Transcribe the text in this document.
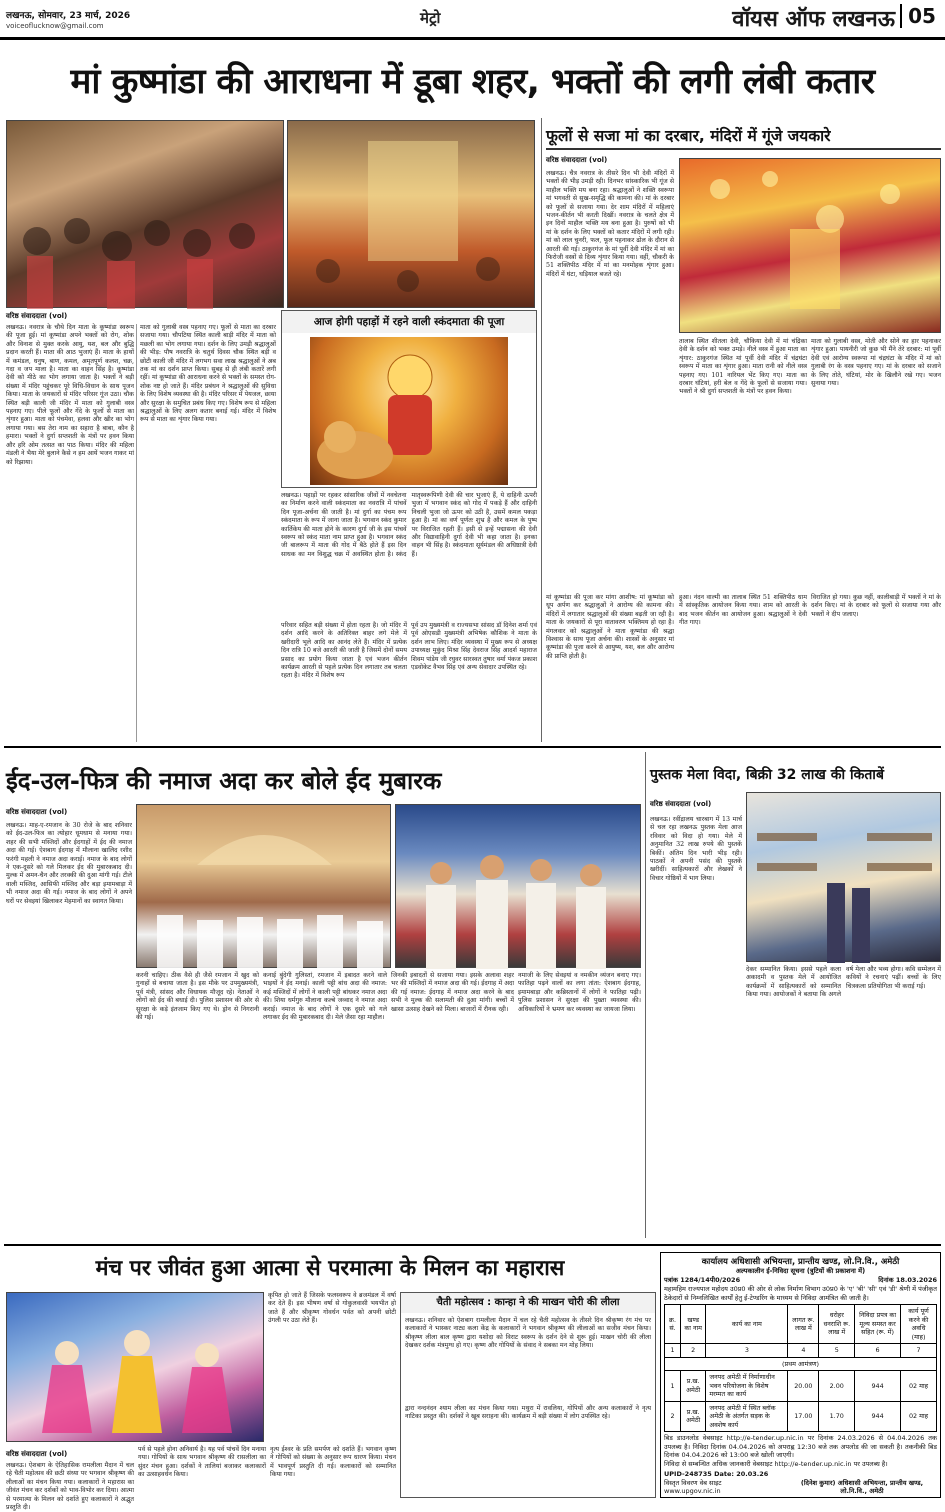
लखनऊ, सोमवार, 23 मार्च, 2026
voiceoflucknow@gmail.com	मेट्रो	वॉयस ऑफ लखनऊ 05
मां कुष्मांडा की आराधना में डूबा शहर, भक्तों की लगी लंबी कतार
वरिष्ठ संवाददाता (vol)
लखनऊ। नवरात्र के चौथे दिन माता के कूष्मांडा स्वरूप की पूजा हुई। मां कूष्मांडा अपने भक्तों को रोग, शोक और विनाश से मुक्त करके आयु, यश, बल और बुद्धि प्रदान करती हैं। माता की आठ भुजाएं हैं। माता के हाथों में कमंडल, धनुष, बाण, कमल, अमृतपूर्ण कलश, चक्र, गदा व जप माला है। माता का वाहन सिंह है। कूष्मांडा देवी को मीठे का भोग लगाया जाता है। भक्तों ने बड़ी संख्या में मंदिर पहुंचकर पूरे विधि-विधान के साथ पूजन किया। माता के जयकारों से मंदिर परिसर गूंज उठा। चौक स्थित बड़ी काली जी मंदिर में माता को गुलाबी वस्त्र पहनाए गए। पीले फूलों और गेंदे के फूलों से माता का शृंगार हुआ। माता को पंचमेवा, हलवा और खीर का भोग लगाया गया। बस तेरा नाम का सहारा है बाबा, कौन है हमारा। भक्तों ने दुर्गा सप्तशती के मंत्रों पर हवन किया और हरि ओम तत्सत का पाठ किया। मंदिर की महिला मंडली ने भैया मेरे बुलाने कैसे न हम आयें भजन गाकर मां को रिझाया।
माता को गुलाबी वस्त्र पहनाए गए। फूलों से माता का दरबार सजाया गया। चौपटिया स्थित काली बाड़ी मंदिर में माता को मछली का भोग लगाया गया। दर्शन के लिए उमड़ी श्रद्धालुओं की भीड़: पौष नवरात्रि के चतुर्थ दिवस चौक स्थित बड़ी व छोटी काली जी मंदिर में लगभग सवा लाख श्रद्धालुओं ने अब तक मां का दर्शन प्राप्त किया। सुबह से ही लंबी कतारें लगी रहीं। मां कूष्मांडा की आराधना करने से भक्तों के समस्त रोग-शोक नष्ट हो जाते हैं। मंदिर प्रबंधन ने श्रद्धालुओं की सुविधा के लिए विशेष व्यवस्था की है। मंदिर परिसर में पेयजल, छाया और सुरक्षा के समुचित प्रबंध किए गए। विशेष रूप से महिला श्रद्धालुओं के लिए अलग कतार बनाई गई। मंदिर में विशेष रूप से माता का शृंगार किया गया।
आज होगी पहाड़ों में रहने वाली स्कंदमाता की पूजा
लखनऊ। पहाड़ों पर रहकर सांसारिक जीवों में नवचेतना का निर्माण करने वाली स्कंदमाता का नवरात्रि में पांचवें दिन पूजा-अर्चना की जाती है। मां दुर्गा का पंचम रूप स्कंदमाता के रूप में जाना जाता है। भगवान स्कंद कुमार कार्तिकेय की माता होने के कारण दुर्गा जी के इस पांचवें स्वरूप को स्कंद माता नाम प्राप्त हुआ है। भगवान स्कंद जी बालरूप में माता की गोद में बैठे होते हैं इस दिन साधक का मन विशुद्ध चक्र में अवस्थित होता है। स्कंद मातृस्वरूपिणी देवी की चार भुजाएं हैं, ये दाहिनी ऊपरी भुजा में भगवान स्कंद को गोद में पकड़े हैं और दाहिनी निचली भुजा जो ऊपर को उठी है, उसमें कमल पकड़ा हुआ है। मां का वर्ण पूर्णतः शुभ्र है और कमल के पुष्प पर विराजित रहती हैं। इसी से इन्हें पद्मासना की देवी और विद्यावाहिनी दुर्गा देवी भी कहा जाता है। इनका वाहन भी सिंह है। स्कंदमाता सूर्यमंडल की अधिष्ठात्री देवी हैं।
परिवार सहित बड़ी संख्या में होता रहता है। जो मंदिर में दर्शन आदि करने के अतिरिक्त बाहर लगे मेले में खरीदारी भूले आदि का आनंद लेते हैं। मंदिर में प्रत्येक दिन रात्रि 10 बजे आरती की जाती है जिसमें दोनों समय प्रसाद का प्रयोग किया जाता है एवं भजन कीर्तन कार्यक्रम आरती से पहले प्रत्येक दिन लगातार तब चलता रहता है। मंदिर में विशेष रूप
पूर्व उप मुख्यमंत्री व राज्यसभा सांसद डॉ दिनेश शर्मा एवं पूर्व ओएसडी मुख्यमंत्री अभिषेक कौशिक ने माता के दर्शन लाभ लिए। मंदिर व्यवस्था में मुख्य रूप से अध्यक्ष उपाध्यक्ष मुकुंद मिश्रा सिंह देवराज सिंह आदर्श महाराज शिवम पांडेय जी रघुवर सारस्वत तुषार वर्मा पंकज प्रकाश एडवोकेट वैभव सिंह एवं अन्य सेवादार उपस्थित रहे।
फूलों से सजा मां का दरबार, मंदिरों में गूंजे जयकारे
वरिष्ठ संवाददाता (vol)
लखनऊ। चैत्र नवरात्र के तीसरे दिन भी देवी मंदिरों में भक्तों की भीड़ उमड़ी रही। दिनभर सांस्कारिक भी गूंज से माहौल भक्ति मय बना रहा। श्रद्धालुओं ने शक्ति स्वरूपा मां भगवती से सुख-समृद्धि की कामना की। मां के दरबार को फूलों से सजाया गया। देर शाम मंदिरों में महिलाएं भजन-कीर्तन भी करती दिखीं। नवरात्र के चलते क्षेत्र में इन दिनों माहौल भक्ति मय बना हुआ है। पुरुषों को भी मां के दर्शन के लिए भक्तों को कतार मंदिरों में लगी रही। मां को लाल चुनरी, फल, फूल पहनाकर ढोल के दौरान से आरती की गई। ठाकुरगंज के मां पूर्वी देवी मंदिर में मां का फिरोजी वस्त्रों से दिव्य शृंगार किया गया। वहीं, चौकरी के 51 शक्तिपीठ मंदिर में मां का मनमोहक शृंगार हुआ। मंदिरों में घंटा, घड़ियाल बजते रहे।
तालाब स्थित शीतला देवी, चौकिया देवी में मां चंद्रिका देवी के दर्शन को भक्त उमड़े। नीले वस्त्र में हुआ माता का शृंगार: ठाकुरगंज स्थित मां पूर्वी देवी मंदिर में चंद्रघंटा स्वरूप में माता का शृंगार हुआ। माता रानी को नीले वस्त्र पहनाए गए। 101 नारियल भेंट किए गए। माता का दरबार घंटियां, हरी बेल व गेंदे के फूलों से सजाया गया। भक्तों ने श्री दुर्गा सप्तशती के मंत्रों पर हवन किया।
माता को गुलाबी वस्त्र, मोती और सोने का हार पहनाकर शृंगार हुआ। पायनीरी जो कुछ भी मैंने तेरे दरबार: मां पूर्वी देवी एवं आरोग्य स्वरूपा मां चंद्रघंटा के मंदिर में मां को गुलाबी रंग के वस्त्र पहनाए गए। मां के दरबार को सजाने के लिए तोते, घंटियां, मोर के खिलौने रखे गए। भजन सुनाया गया।
मां कूष्मांडा की पूजा कर मांगा आशीष: मां कूष्मांडा को धूप अर्पण कर श्रद्धालुओं ने आरोग्य की कामना की। मंदिरों में लगातार श्रद्धालुओं की संख्या बढ़ती जा रही है। माता के जयकारों से पूरा वातावरण भक्तिमय हो रहा है। मंगलवार को श्रद्धालुओं ने माता कूष्मांडा की श्रद्धा विश्वास के साथ पूजा अर्चना की। शास्त्रों के अनुसार मां कूष्मांडा की पूजा करने से आयुष्य, यश, बल और आरोग्य की प्राप्ति होती है।
हुआ। नंदन वाल्मी का तालाब स्थित 51 शक्तिपीठ धाम में सांस्कृतिक आयोजन किया गया। शाम को आरती के बाद भजन कीर्तन का आयोजन हुआ। श्रद्धालुओं ने देवी गीत गाए।
विराजित हो गया। कुछ नहीं, कालीबाड़ी में भक्तों ने मां के दर्शन किए। मां के दरबार को फूलों से सजाया गया और भक्तों ने दीप जलाए।
ईद-उल-फित्र की नमाज अदा कर बोले ईद मुबारक
वरिष्ठ संवाददाता (vol)
लखनऊ। माह-ए-रमजान के 30 रोजे के बाद शनिवार को ईद-उल-फित्र का त्योहार धूमधाम से मनाया गया। शहर की सभी मस्जिदों और ईदगाहों में ईद की नमाज अदा की गई। ऐशबाग ईदगाह में मौलाना खालिद रशीद फरंगी महली ने नमाज अदा कराई। नमाज के बाद लोगों ने एक-दूसरे को गले मिलकर ईद की मुबारकबाद दी। मुल्क में अमन-चैन और तरक्की की दुआ मांगी गई। टीले वाली मस्जिद, आसिफी मस्जिद और बड़ा इमामबाड़ा में भी नमाज अदा की गई। नमाज के बाद लोगों ने अपने घरों पर सेवइयां खिलाकर मेहमानों का स्वागत किया।
करनी चाहिए। ठीक वैसे ही जैसे रमजान में खुद को गुनाहों से बचाया जाता है। इस मौके पर उपमुख्यमंत्री, पूर्व मंत्री, सांसद और विधायक मौजूद रहे। नेताओं ने लोगों को ईद की बधाई दी। पुलिस प्रशासन की ओर से सुरक्षा के कड़े इंतजाम किए गए थे। ड्रोन से निगरानी की गई।
कनाई बुंदेगी गुलिस्तां, रमजान में इबादत करने वाले भाइयों ने ईद मनाई। काली पट्टी बांध अदा की नमाज: कई मस्जिदों में लोगों ने काली पट्टी बांधकर नमाज अदा की। शिया धर्मगुरु मौलाना कल्बे जव्वाद ने नमाज अदा कराई। नमाज के बाद लोगों ने एक दूसरे को गले लगाकर ईद की मुबारकबाद दी। मेले जैसा रहा माहौल।
जिनकी इबादतों से सजाया गया। इसके अलावा शहर भर की मस्जिदों में नमाज अदा की गई। ईदगाह में अदा की गई नमाज: ईदगाह में नमाज अदा करने के बाद सभी ने मुल्क की सलामती की दुआ मांगी। बच्चों में खासा उत्साह देखने को मिला। बाजारों में रौनक रही।
नमाजी के लिए सेवइयां व नमकीन व्यंजन बनाए गए। फातिहा पढ़ने वालों का लगा तांता: ऐशबाग ईदगाह, इमामबाड़ा और कब्रिस्तानों में लोगों ने फातिहा पढ़ी। पुलिस प्रशासन ने सुरक्षा की पुख्ता व्यवस्था की। अधिकारियों ने भ्रमण कर व्यवस्था का जायजा लिया।
पुस्तक मेला विदा, बिक्री 32 लाख की किताबें
वरिष्ठ संवाददाता (vol)
लखनऊ। रवींद्रालय चारबाग में 13 मार्च से चल रहा लखनऊ पुस्तक मेला आज रविवार को विदा हो गया। मेले में अनुमानित 32 लाख रुपये की पुस्तकें बिकीं। अंतिम दिन भारी भीड़ रही। पाठकों ने अपनी पसंद की पुस्तकें खरीदीं। साहित्यकारों और लेखकों ने विचार गोष्ठियों में भाग लिया।
देकर सम्मानित किया। इससे पहले कला अकादमी व पुस्तक मेले में आयोजित कार्यक्रमों में साहित्यकारों को सम्मानित किया गया। आयोजकों ने बताया कि अगले वर्ष मेला और भव्य होगा। कवि सम्मेलन में कवियों ने रचनाएं पढ़ीं। बच्चों के लिए चित्रकला प्रतियोगिता भी कराई गई।
मंच पर जीवंत हुआ आत्मा से परमात्मा के मिलन का महारास
कृपित हो जाते हैं जिसके फलस्वरूप वे ब्रजमंडल में वर्षा कर देते हैं। इस भीषण वर्षा से गोकुलवासी भयभीत हो जाते हैं और श्रीकृष्ण गोवर्धन पर्वत को अपनी छोटी उंगली पर उठा लेते हैं।
वरिष्ठ संवाददाता (vol)
लखनऊ। ऐशबाग के ऐतिहासिक रामलीला मैदान में चल रहे चैती महोत्सव की छठी संध्या पर भगवान श्रीकृष्ण की लीलाओं का मंचन किया गया। कलाकारों ने महारास का जीवंत मंचन कर दर्शकों को भाव-विभोर कर दिया। आत्मा से परमात्मा के मिलन को दर्शाते हुए कलाकारों ने अद्भुत प्रस्तुति दी।
पर्व से पहले होना अनिवार्य है। यह पर्व पांचवें दिन मनाया गया। गोपियों के साथ भगवान श्रीकृष्ण की रासलीला का सुंदर मंचन हुआ। दर्शकों ने तालियां बजाकर कलाकारों का उत्साहवर्धन किया।
नृत्य ईश्वर के प्रति समर्पण को दर्शाते हैं। भगवान कृष्ण ने गोपियों को संख्या के अनुसार रूप धारण किया। मंचन में भावपूर्ण प्रस्तुति दी गई। कलाकारों को सम्मानित किया गया।
चैती महोत्सव : कान्हा ने की माखन चोरी की लीला
लखनऊ। शनिवार को ऐशबाग रामलीला मैदान में चल रहे चैती महोत्सव के तीसरे दिन श्रीकृष्ण रंग मंच पर कलाकारों ने भास्कर नाट्य कला केंद्र के कलाकारों ने भगवान श्रीकृष्ण की लीलाओं का सजीव मंचन किया। श्रीकृष्ण लीला बाल कृष्ण द्वारा यशोदा को विराट स्वरूप के दर्शन देने से शुरू हुई। माखन चोरी की लीला देखकर दर्शक मंत्रमुग्ध हो गए। कृष्ण और गोपियों के संवाद ने सबका मन मोह लिया।
द्वारा नन्दनंदन श्याम लीला का मंचन किया गया। मथुरा में रावलिया, गोपियों और अन्य कलाकारों ने नृत्य नाटिका प्रस्तुत की। दर्शकों ने खूब सराहना की। कार्यक्रम में बड़ी संख्या में लोग उपस्थित रहे।
कार्यालय अधिशासी अभियन्ता, प्रान्तीय खण्ड, लो.नि.वि., अमेठी
अल्पकालीन ई-निविदा सूचना (त्रुटियों की प्रकाशना में)
पत्रांक 1284/14पी0/2026	दिनांक 18.03.2026
महामहिम राज्यपाल महोदय उ0प्र0 की ओर से लोक निर्माण विभाग उ0प्र0 के 'ए' 'बी' 'सी' एवं 'डी' श्रेणी में पंजीकृत ठेकेदारों से निम्नलिखित कार्यों हेतु ई-टेण्डरिंग के माध्यम से निविदा आमंत्रित की जाती है।
क्र. सं.	खण्ड का नाम	कार्य का नाम	लागत रू. लाख में	धरोहर धनराशि रू. लाख में	निविदा प्रपत्र का मूल्य समस्त कर सहित (रू. में)	कार्य पूर्ण करने की अवधि (माह)
1	2	3	4	5	6	7
(प्रथम आमंत्रण)						
1	प्र.ख. अमेठी	जनपद अमेठी में निर्माणाधीन भवन परियोजना के विशेष मरम्मत का कार्य	20.00	2.00	944	02 माह
2	प्र.ख. अमेठी	जनपद अमेठी में स्थित ब्लॉक अमेठी के अंतर्गत सड़क के अवशेष कार्य	17.00	1.70	944	02 माह
बिड डाउनलोड वेबसाइट http://e-tender.up.nic.in पर दिनांक 24.03.2026 से 04.04.2026 तक उपलब्ध है। निविदा दिनांक 04.04.2026 को अपराह्न 12:30 बजे तक अपलोड की जा सकती है। तकनीकी बिड दिनांक 04.04.2026 को 13:00 बजे खोली जाएगी।
निविदा से सम्बन्धित अधिक जानकारी वेबसाइट http://e-tender.up.nic.in पर उपलब्ध है।
UPID-248735 Date: 20.03.26
विस्तृत विवरण वेब साइट www.upgov.nic.in
(दिनेश कुमार) अधिशासी अभियन्ता, प्रान्तीय खण्ड, लो.नि.वि., अमेठी
